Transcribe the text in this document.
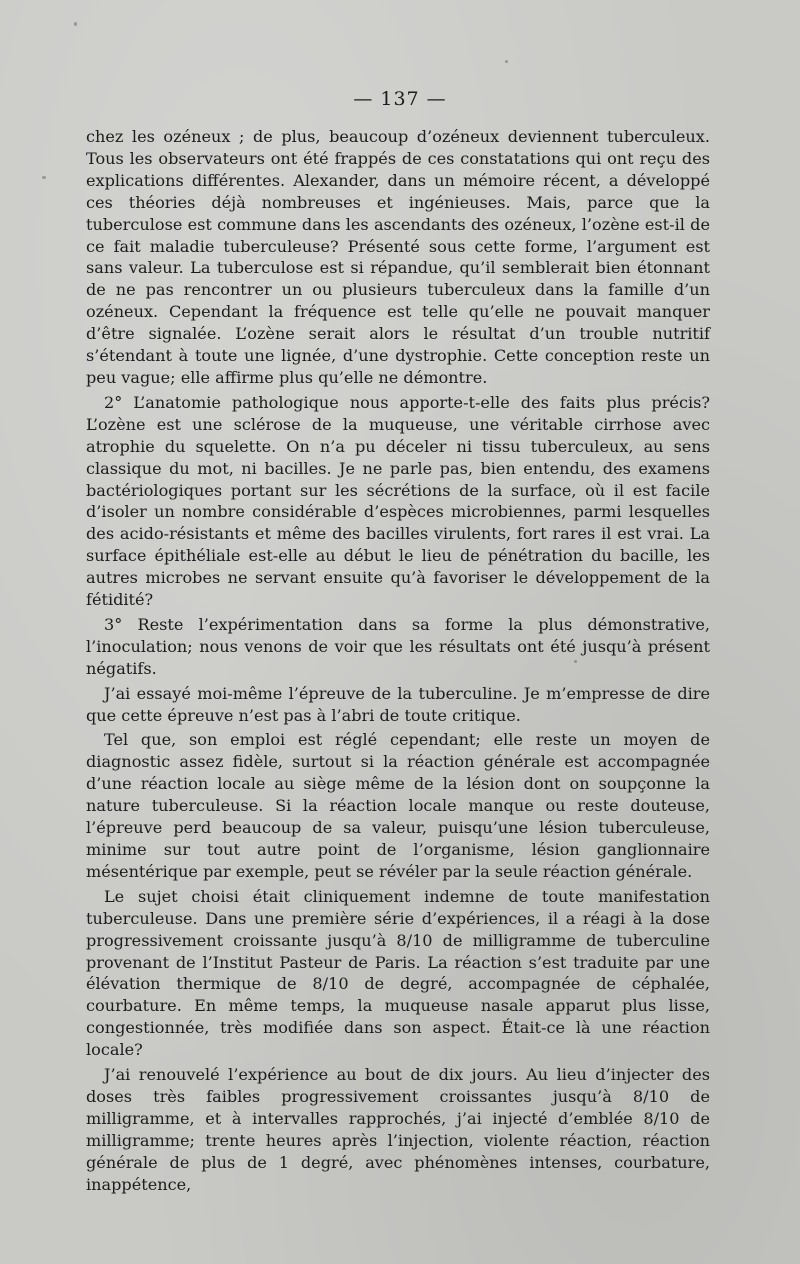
— 137 —

chez les ozéneux ; de plus, beaucoup d’ozéneux deviennent tuberculeux. Tous les observateurs ont été frappés de ces constatations qui ont reçu des explications différentes. Alexander, dans un mémoire récent, a développé ces théories déjà nombreuses et ingénieuses. Mais, parce que la tuberculose est commune dans les ascendants des ozéneux, l’ozène est-il de ce fait maladie tuberculeuse? Présenté sous cette forme, l’argument est sans valeur. La tuberculose est si répandue, qu’il semblerait bien étonnant de ne pas rencontrer un ou plusieurs tuberculeux dans la famille d’un ozéneux. Cependant la fréquence est telle qu’elle ne pouvait manquer d’être signalée. L’ozène serait alors le résultat d’un trouble nutritif s’étendant à toute une lignée, d’une dystrophie. Cette conception reste un peu vague; elle affirme plus qu’elle ne démontre.

2° L’anatomie pathologique nous apporte-t-elle des faits plus précis? L’ozène est une sclérose de la muqueuse, une véritable cirrhose avec atrophie du squelette. On n’a pu déceler ni tissu tuberculeux, au sens classique du mot, ni bacilles. Je ne parle pas, bien entendu, des examens bactériologiques portant sur les sécrétions de la surface, où il est facile d’isoler un nombre considérable d’espèces microbiennes, parmi lesquelles des acido-résistants et même des bacilles virulents, fort rares il est vrai. La surface épithéliale est-elle au début le lieu de pénétration du bacille, les autres microbes ne servant ensuite qu’à favoriser le développement de la fétidité?

3° Reste l’expérimentation dans sa forme la plus démonstrative, l’inoculation; nous venons de voir que les résultats ont été jusqu’à présent négatifs.

J’ai essayé moi-même l’épreuve de la tuberculine. Je m’empresse de dire que cette épreuve n’est pas à l’abri de toute critique.

Tel que, son emploi est réglé cependant; elle reste un moyen de diagnostic assez fidèle, surtout si la réaction générale est accompagnée d’une réaction locale au siège même de la lésion dont on soupçonne la nature tuberculeuse. Si la réaction locale manque ou reste douteuse, l’épreuve perd beaucoup de sa valeur, puisqu’une lésion tuberculeuse, minime sur tout autre point de l’organisme, lésion ganglionnaire mésentérique par exemple, peut se révéler par la seule réaction générale.

Le sujet choisi était cliniquement indemne de toute manifestation tuberculeuse. Dans une première série d’expériences, il a réagi à la dose progressivement croissante jusqu’à 8/10 de milligramme de tuberculine provenant de l’Institut Pasteur de Paris. La réaction s’est traduite par une élévation thermique de 8/10 de degré, accompagnée de céphalée, courbature. En même temps, la muqueuse nasale apparut plus lisse, congestionnée, très modifiée dans son aspect. Était-ce là une réaction locale?

J’ai renouvelé l’expérience au bout de dix jours. Au lieu d’injecter des doses très faibles progressivement croissantes jusqu’à 8/10 de milligramme, et à intervalles rapprochés, j’ai injecté d’emblée 8/10 de milligramme; trente heures après l’injection, violente réaction, réaction générale de plus de 1 degré, avec phénomènes intenses, courbature, inappétence,
